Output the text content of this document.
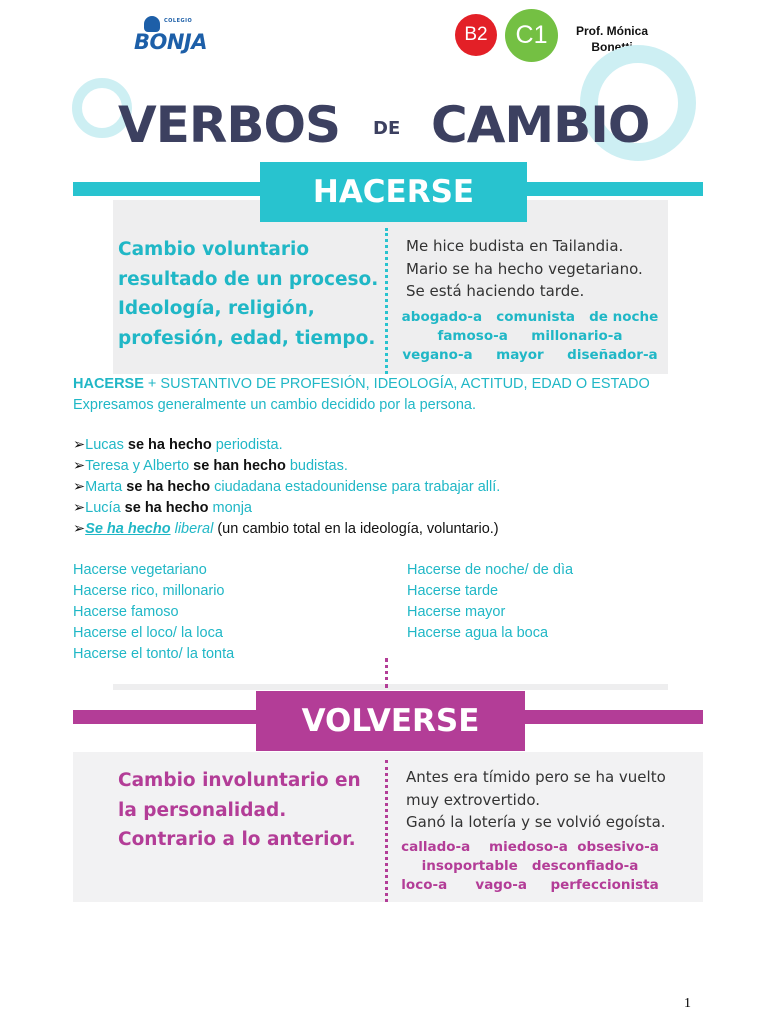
COLEGIO
BONJA	B2	C1	Prof. Mónica
Bonetti
VERBOS DE CAMBIO
HACERSE
Cambio voluntario
resultado de un proceso.
Ideología, religión,
profesión, edad, tiempo.
Me hice budista en Tailandia.
Mario se ha hecho vegetariano.
Se está haciendo tarde.
abogado-a   comunista   de noche
famoso-a     millonario-a
vegano-a     mayor     diseñador-a
HACERSE + SUSTANTIVO DE PROFESIÓN, IDEOLOGÍA, ACTITUD, EDAD O ESTADO
Expresamos generalmente un cambio decidido por la persona.
➢Lucas se ha hecho periodista.
➢Teresa y Alberto se han hecho budistas.
➢Marta se ha hecho ciudadana estadounidense para trabajar allí.
➢Lucía se ha hecho monja
➢Se ha hecho liberal (un cambio total en la ideología, voluntario.)
Hacerse vegetariano
Hacerse rico, millonario
Hacerse famoso
Hacerse el loco/ la loca
Hacerse el tonto/ la tonta
Hacerse de noche/ de dìa
Hacerse tarde
Hacerse mayor
Hacerse agua la boca
VOLVERSE
Cambio involuntario en
la personalidad.
Contrario a lo anterior.
Antes era tímido pero se ha vuelto
muy extrovertido.
Ganó la lotería y se volvió egoísta.
callado-a    miedoso-a  obsesivo-a
insoportable   desconfiado-a
loco-a      vago-a     perfeccionista
1
